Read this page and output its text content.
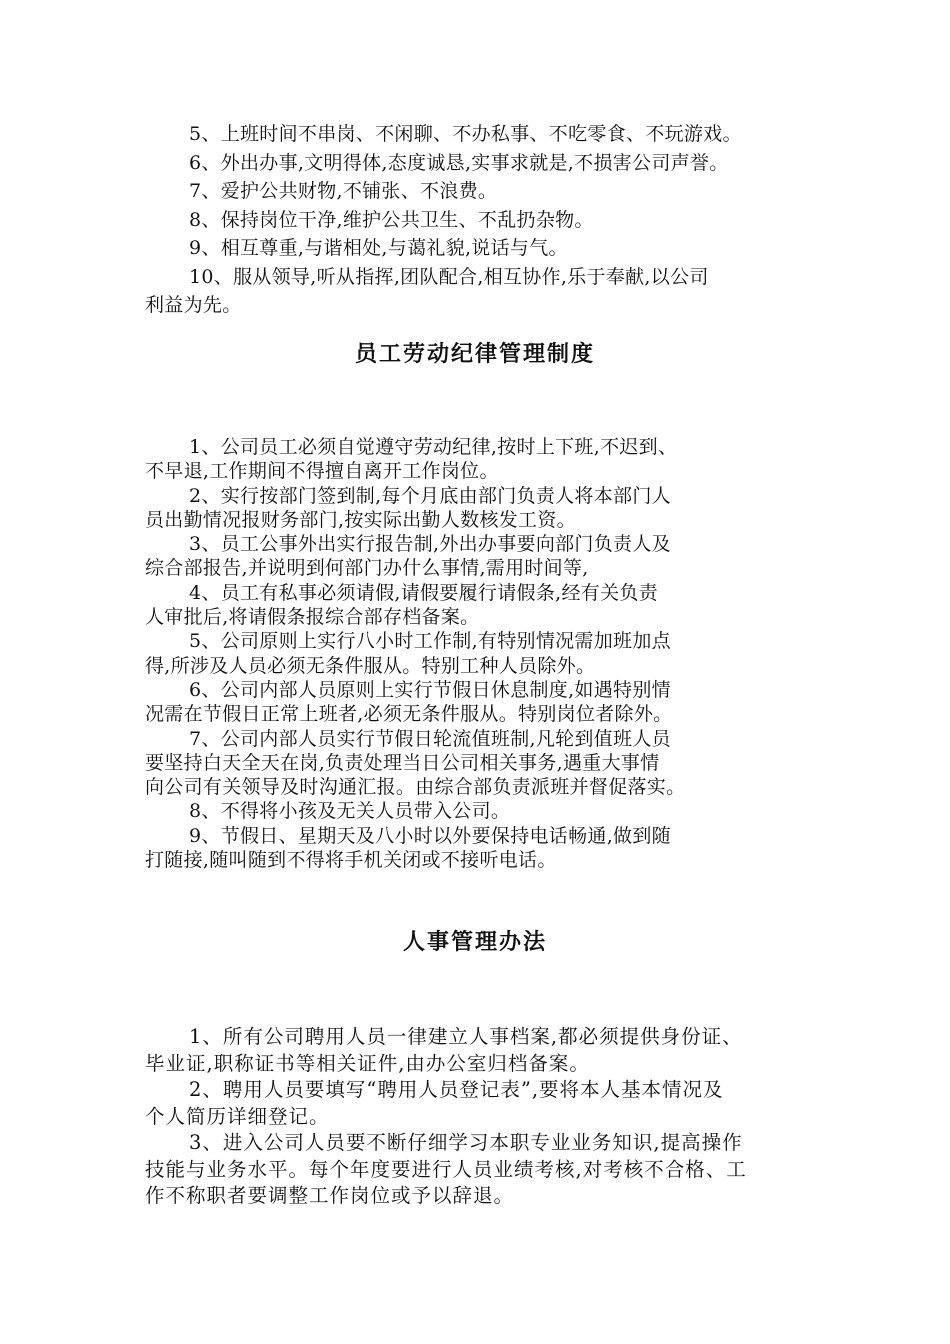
5、上班时间不串岗、不闲聊、不办私事、不吃零食、不玩游戏。
6、外出办事,文明得体,态度诚恳,实事求就是,不损害公司声誉。
7、爱护公共财物,不铺张、不浪费。
8、保持岗位干净,维护公共卫生、不乱扔杂物。
9、相互尊重,与谐相处,与蔼礼貌,说话与气。
10、服从领导,听从指挥,团队配合,相互协作,乐于奉献,以公司
利益为先。
员工劳动纪律管理制度
1、公司员工必须自觉遵守劳动纪律,按时上下班,不迟到、
不早退,工作期间不得擅自离开工作岗位。
2、实行按部门签到制,每个月底由部门负责人将本部门人
员出勤情况报财务部门,按实际出勤人数核发工资。
3、员工公事外出实行报告制,外出办事要向部门负责人及
综合部报告,并说明到何部门办什么事情,需用时间等,
4、员工有私事必须请假,请假要履行请假条,经有关负责
人审批后,将请假条报综合部存档备案。
5、公司原则上实行八小时工作制,有特别情况需加班加点
得,所涉及人员必须无条件服从。特别工种人员除外。
6、公司内部人员原则上实行节假日休息制度,如遇特别情
况需在节假日正常上班者,必须无条件服从。特别岗位者除外。
7、公司内部人员实行节假日轮流值班制,凡轮到值班人员
要坚持白天全天在岗,负责处理当日公司相关事务,遇重大事情
向公司有关领导及时沟通汇报。由综合部负责派班并督促落实。
8、不得将小孩及无关人员带入公司。
9、节假日、星期天及八小时以外要保持电话畅通,做到随
打随接,随叫随到不得将手机关闭或不接听电话。
人事管理办法
1、所有公司聘用人员一律建立人事档案,都必须提供身份证、
毕业证,职称证书等相关证件,由办公室归档备案。
2、聘用人员要填写“聘用人员登记表”,要将本人基本情况及
个人简历详细登记。
3、进入公司人员要不断仔细学习本职专业业务知识,提高操作
技能与业务水平。每个年度要进行人员业绩考核,对考核不合格、工
作不称职者要调整工作岗位或予以辞退。
